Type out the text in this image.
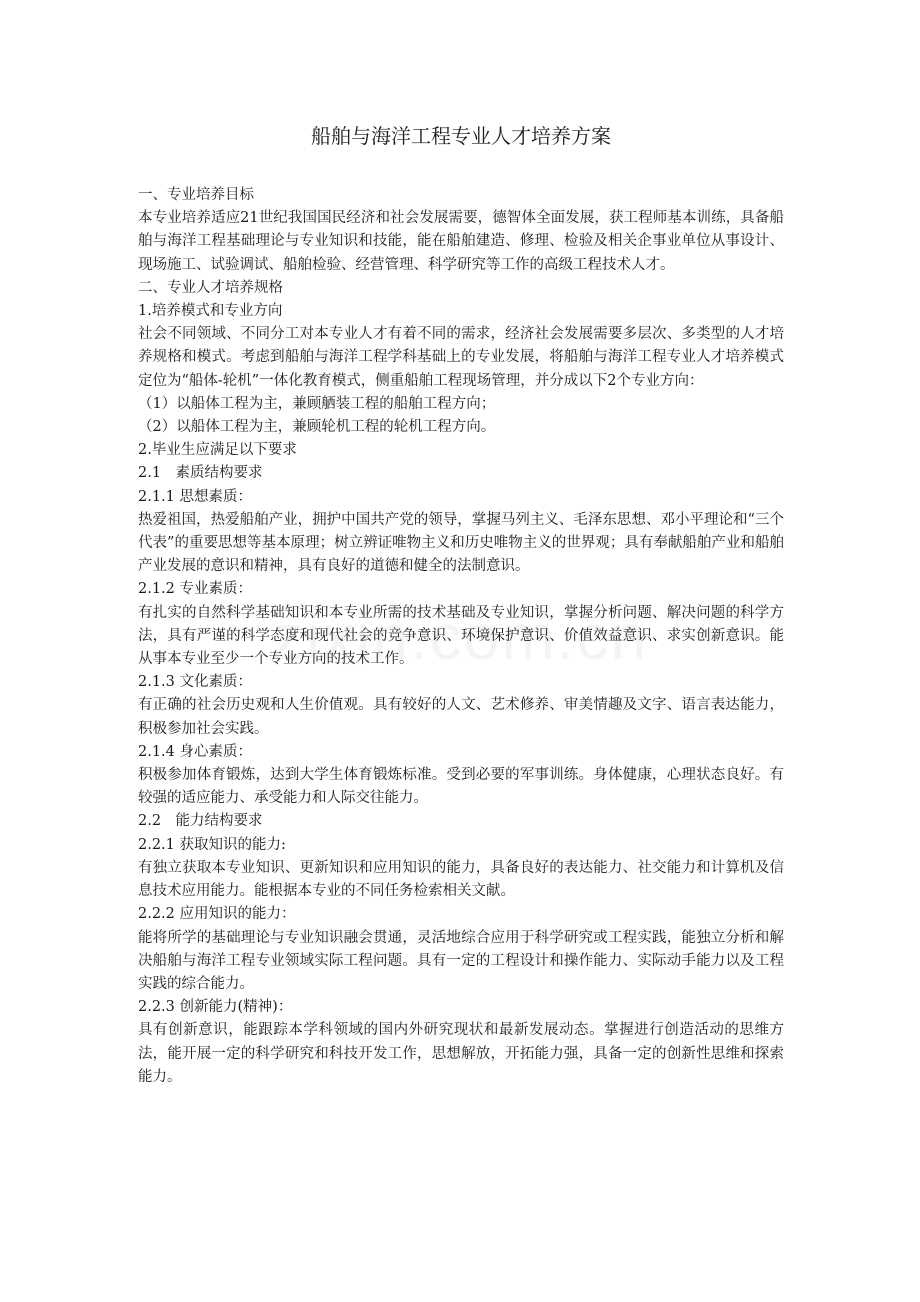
船舶与海洋工程专业人才培养方案

一、专业培养目标

本专业培养适应21世纪我国国民经济和社会发展需要，德智体全面发展，获工程师基本训练，具备船舶与海洋工程基础理论与专业知识和技能，能在船舶建造、修理、检验及相关企事业单位从事设计、现场施工、试验调试、船舶检验、经营管理、科学研究等工作的高级工程技术人才。

二、专业人才培养规格

1.培养模式和专业方向

社会不同领域、不同分工对本专业人才有着不同的需求，经济社会发展需要多层次、多类型的人才培养规格和模式。考虑到船舶与海洋工程学科基础上的专业发展，将船舶与海洋工程专业人才培养模式定位为“船体-轮机”一体化教育模式，侧重船舶工程现场管理，并分成以下2个专业方向：

（1）以船体工程为主，兼顾舾装工程的船舶工程方向；

（2）以船体工程为主，兼顾轮机工程的轮机工程方向。

2.毕业生应满足以下要求

2.1　素质结构要求

2.1.1 思想素质：

热爱祖国，热爱船舶产业，拥护中国共产党的领导，掌握马列主义、毛泽东思想、邓小平理论和“三个代表”的重要思想等基本原理；树立辨证唯物主义和历史唯物主义的世界观；具有奉献船舶产业和船舶产业发展的意识和精神，具有良好的道德和健全的法制意识。

2.1.2 专业素质：

有扎实的自然科学基础知识和本专业所需的技术基础及专业知识，掌握分析问题、解决问题的科学方法，具有严谨的科学态度和现代社会的竞争意识、环境保护意识、价值效益意识、求实创新意识。能从事本专业至少一个专业方向的技术工作。

2.1.3 文化素质：

有正确的社会历史观和人生价值观。具有较好的人文、艺术修养、审美情趣及文字、语言表达能力，积极参加社会实践。

2.1.4 身心素质：

积极参加体育锻炼，达到大学生体育锻炼标准。受到必要的军事训练。身体健康，心理状态良好。有较强的适应能力、承受能力和人际交往能力。

2.2　能力结构要求

2.2.1 获取知识的能力:

有独立获取本专业知识、更新知识和应用知识的能力，具备良好的表达能力、社交能力和计算机及信息技术应用能力。能根据本专业的不同任务检索相关文献。

2.2.2 应用知识的能力：

能将所学的基础理论与专业知识融会贯通，灵活地综合应用于科学研究或工程实践，能独立分析和解决船舶与海洋工程专业领域实际工程问题。具有一定的工程设计和操作能力、实际动手能力以及工程实践的综合能力。

2.2.3 创新能力(精神)：

具有创新意识，能跟踪本学科领域的国内外研究现状和最新发展动态。掌握进行创造活动的思维方法，能开展一定的科学研究和科技开发工作，思想解放，开拓能力强，具备一定的创新性思维和探索能力。
